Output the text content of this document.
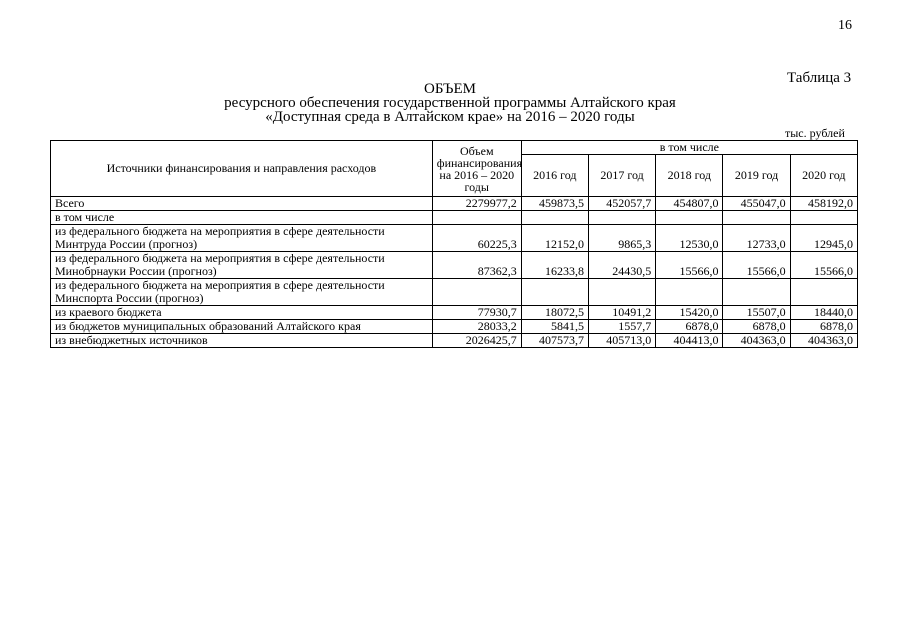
16
Таблица 3
ОБЪЕМ
ресурсного обеспечения государственной программы Алтайского края
«Доступная среда в Алтайском крае» на 2016 – 2020 годы
тыс. рублей
Источники финансирования и направления расходов	Объем финансирования на 2016 – 2020 годы	в том числе				
		2016 год	2017 год	2018 год	2019 год	2020 год
Всего	2279977,2	459873,5	452057,7	454807,0	455047,0	458192,0
в том числе						
из федерального бюджета на мероприятия в сфере деятельности Минтруда России (прогноз)	60225,3	12152,0	9865,3	12530,0	12733,0	12945,0
из федерального бюджета на мероприятия в сфере деятельности Минобрнауки России (прогноз)	87362,3	16233,8	24430,5	15566,0	15566,0	15566,0
из федерального бюджета на мероприятия в сфере деятельности Минспорта России (прогноз)						
из краевого бюджета	77930,7	18072,5	10491,2	15420,0	15507,0	18440,0
из бюджетов муниципальных образований Алтайского края	28033,2	5841,5	1557,7	6878,0	6878,0	6878,0
из внебюджетных источников	2026425,7	407573,7	405713,0	404413,0	404363,0	404363,0
